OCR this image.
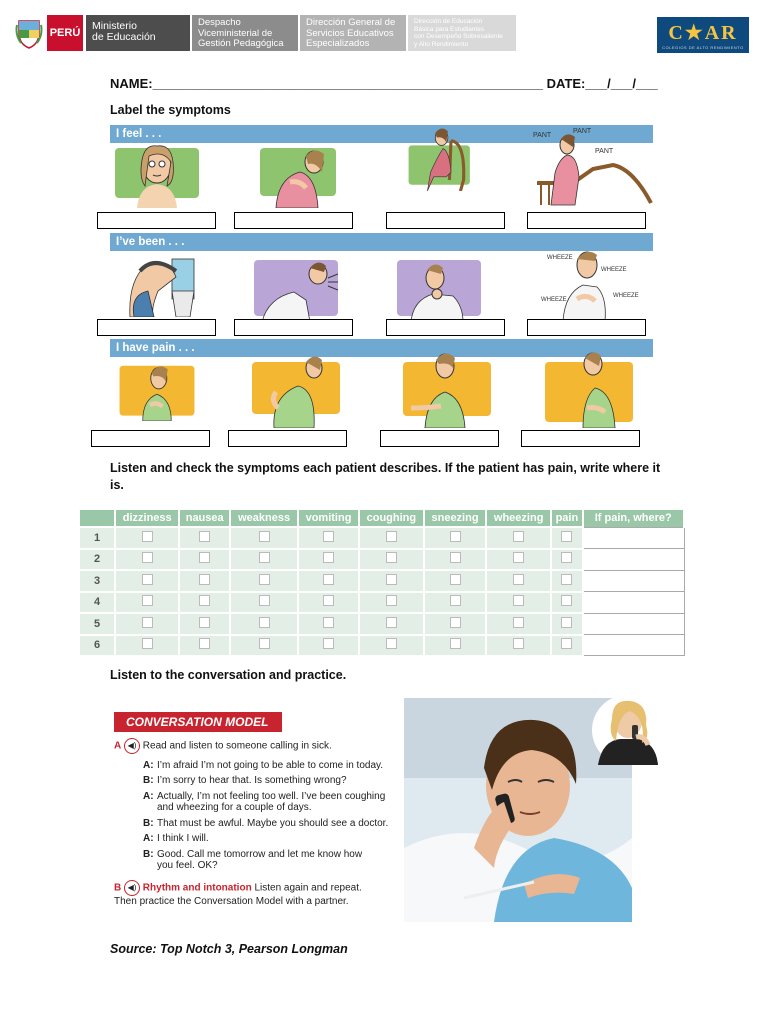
PERÚ
Ministerio
de Educación
Despacho
Viceministerial de
Gestión Pedagógica
Dirección General de
Servicios Educativos
Especializados
Dirección de Educación
Básica para Estudiantes
con Desempeño Sobresaliente
y Alto Rendimiento	C★AR
COLEGIOS DE ALTO RENDIMIENTO
NAME:______________________________________________________ DATE:___/___/___
Label the symptoms
I feel . . .
I’ve been . . .
I have pain . . .
PANT
PANT
PANT
WHEEZE
WHEEZE
WHEEZE
WHEEZE
Listen and check the symptoms each patient describes. If the patient has pain, write where it
is.
	dizziness	nausea	weakness	vomiting	coughing	sneezing	wheezing	pain	If pain, where?
1									
2									
3									
4									
5									
6									
Listen to the conversation and practice.
CONVERSATION MODEL
A ◀) Read and listen to someone calling in sick.
A: I’m afraid I’m not going to be able to come in today.
B: I’m sorry to hear that. Is something wrong?
A: Actually, I’m not feeling too well. I’ve been coughing
and wheezing for a couple of days.
B: That must be awful. Maybe you should see a doctor.
A: I think I will.
B: Good. Call me tomorrow and let me know how
you feel. OK?
B ◀) Rhythm and intonation Listen again and repeat.
Then practice the Conversation Model with a partner.
Source: Top Notch 3, Pearson Longman
